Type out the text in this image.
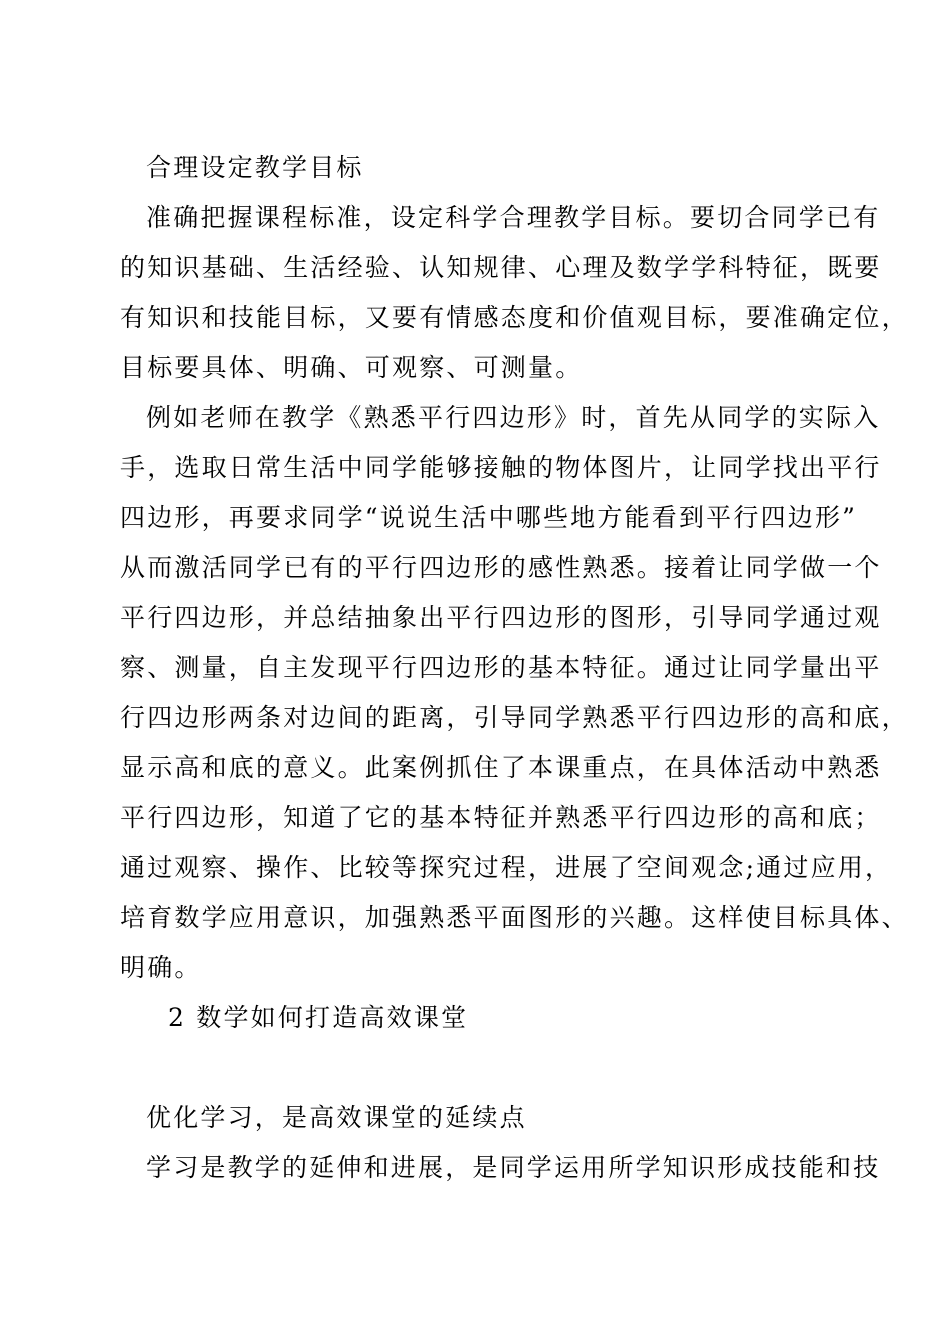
合理设定教学目标
准确把握课程标准，设定科学合理教学目标。要切合同学已有
的知识基础、生活经验、认知规律、心理及数学学科特征，既要
有知识和技能目标，又要有情感态度和价值观目标，要准确定位，
目标要具体、明确、可观察、可测量。
例如老师在教学《熟悉平行四边形》时，首先从同学的实际入
手，选取日常生活中同学能够接触的物体图片，让同学找出平行
四边形，再要求同学“说说生活中哪些地方能看到平行四边形”
从而激活同学已有的平行四边形的感性熟悉。接着让同学做一个
平行四边形，并总结抽象出平行四边形的图形，引导同学通过观
察、测量，自主发现平行四边形的基本特征。通过让同学量出平
行四边形两条对边间的距离，引导同学熟悉平行四边形的高和底，
显示高和底的意义。此案例抓住了本课重点，在具体活动中熟悉
平行四边形，知道了它的基本特征并熟悉平行四边形的高和底；
通过观察、操作、比较等探究过程，进展了空间观念;通过应用，
培育数学应用意识，加强熟悉平面图形的兴趣。这样使目标具体、
明确。
2 数学如何打造高效课堂
优化学习，是高效课堂的延续点
学习是教学的延伸和进展，是同学运用所学知识形成技能和技
